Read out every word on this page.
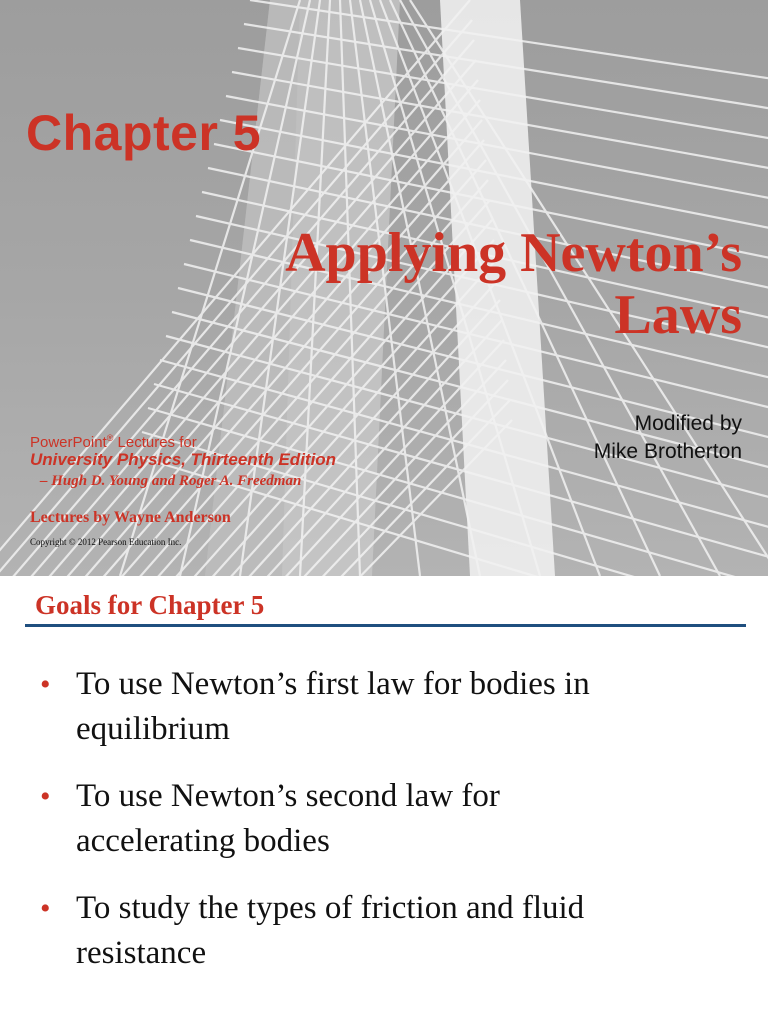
Chapter 5
Applying Newton’s
Laws
Modified by
Mike Brotherton
PowerPoint® Lectures for
University Physics, Thirteenth Edition
– Hugh D. Young and Roger A. Freedman
Lectures by Wayne Anderson
Copyright © 2012 Pearson Education Inc.
Goals for Chapter 5
• To use Newton’s first law for bodies in
equilibrium
• To use Newton’s second law for
accelerating bodies
• To study the types of friction and fluid
resistance
